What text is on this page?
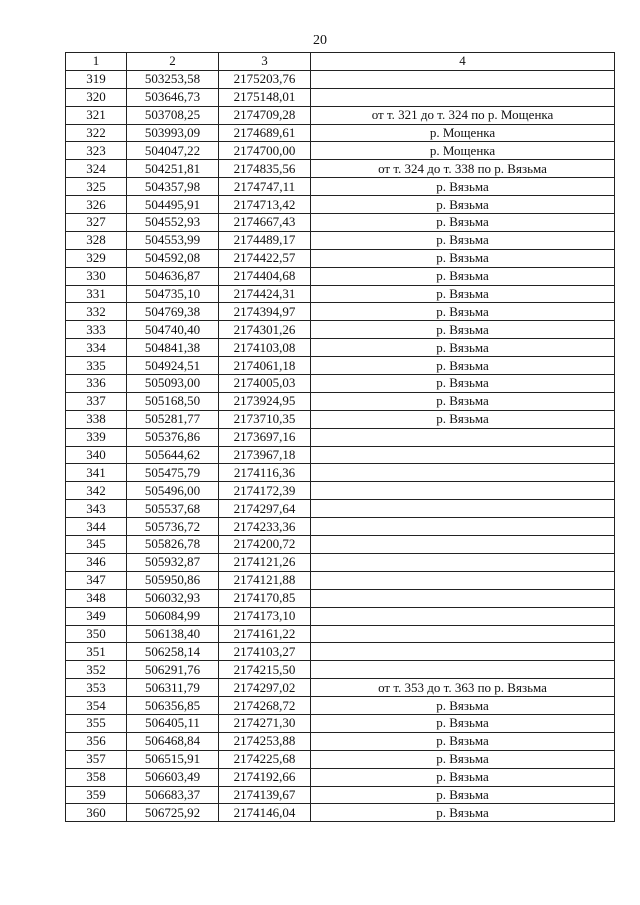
20
1	2	3	4
319	503253,58	2175203,76	
320	503646,73	2175148,01	
321	503708,25	2174709,28	от т. 321 до т. 324 по р. Мощенка
322	503993,09	2174689,61	р. Мощенка
323	504047,22	2174700,00	р. Мощенка
324	504251,81	2174835,56	от т. 324 до т. 338 по р. Вязьма
325	504357,98	2174747,11	р. Вязьма
326	504495,91	2174713,42	р. Вязьма
327	504552,93	2174667,43	р. Вязьма
328	504553,99	2174489,17	р. Вязьма
329	504592,08	2174422,57	р. Вязьма
330	504636,87	2174404,68	р. Вязьма
331	504735,10	2174424,31	р. Вязьма
332	504769,38	2174394,97	р. Вязьма
333	504740,40	2174301,26	р. Вязьма
334	504841,38	2174103,08	р. Вязьма
335	504924,51	2174061,18	р. Вязьма
336	505093,00	2174005,03	р. Вязьма
337	505168,50	2173924,95	р. Вязьма
338	505281,77	2173710,35	р. Вязьма
339	505376,86	2173697,16	
340	505644,62	2173967,18	
341	505475,79	2174116,36	
342	505496,00	2174172,39	
343	505537,68	2174297,64	
344	505736,72	2174233,36	
345	505826,78	2174200,72	
346	505932,87	2174121,26	
347	505950,86	2174121,88	
348	506032,93	2174170,85	
349	506084,99	2174173,10	
350	506138,40	2174161,22	
351	506258,14	2174103,27	
352	506291,76	2174215,50	
353	506311,79	2174297,02	от т. 353 до т. 363 по р. Вязьма
354	506356,85	2174268,72	р. Вязьма
355	506405,11	2174271,30	р. Вязьма
356	506468,84	2174253,88	р. Вязьма
357	506515,91	2174225,68	р. Вязьма
358	506603,49	2174192,66	р. Вязьма
359	506683,37	2174139,67	р. Вязьма
360	506725,92	2174146,04	р. Вязьма
